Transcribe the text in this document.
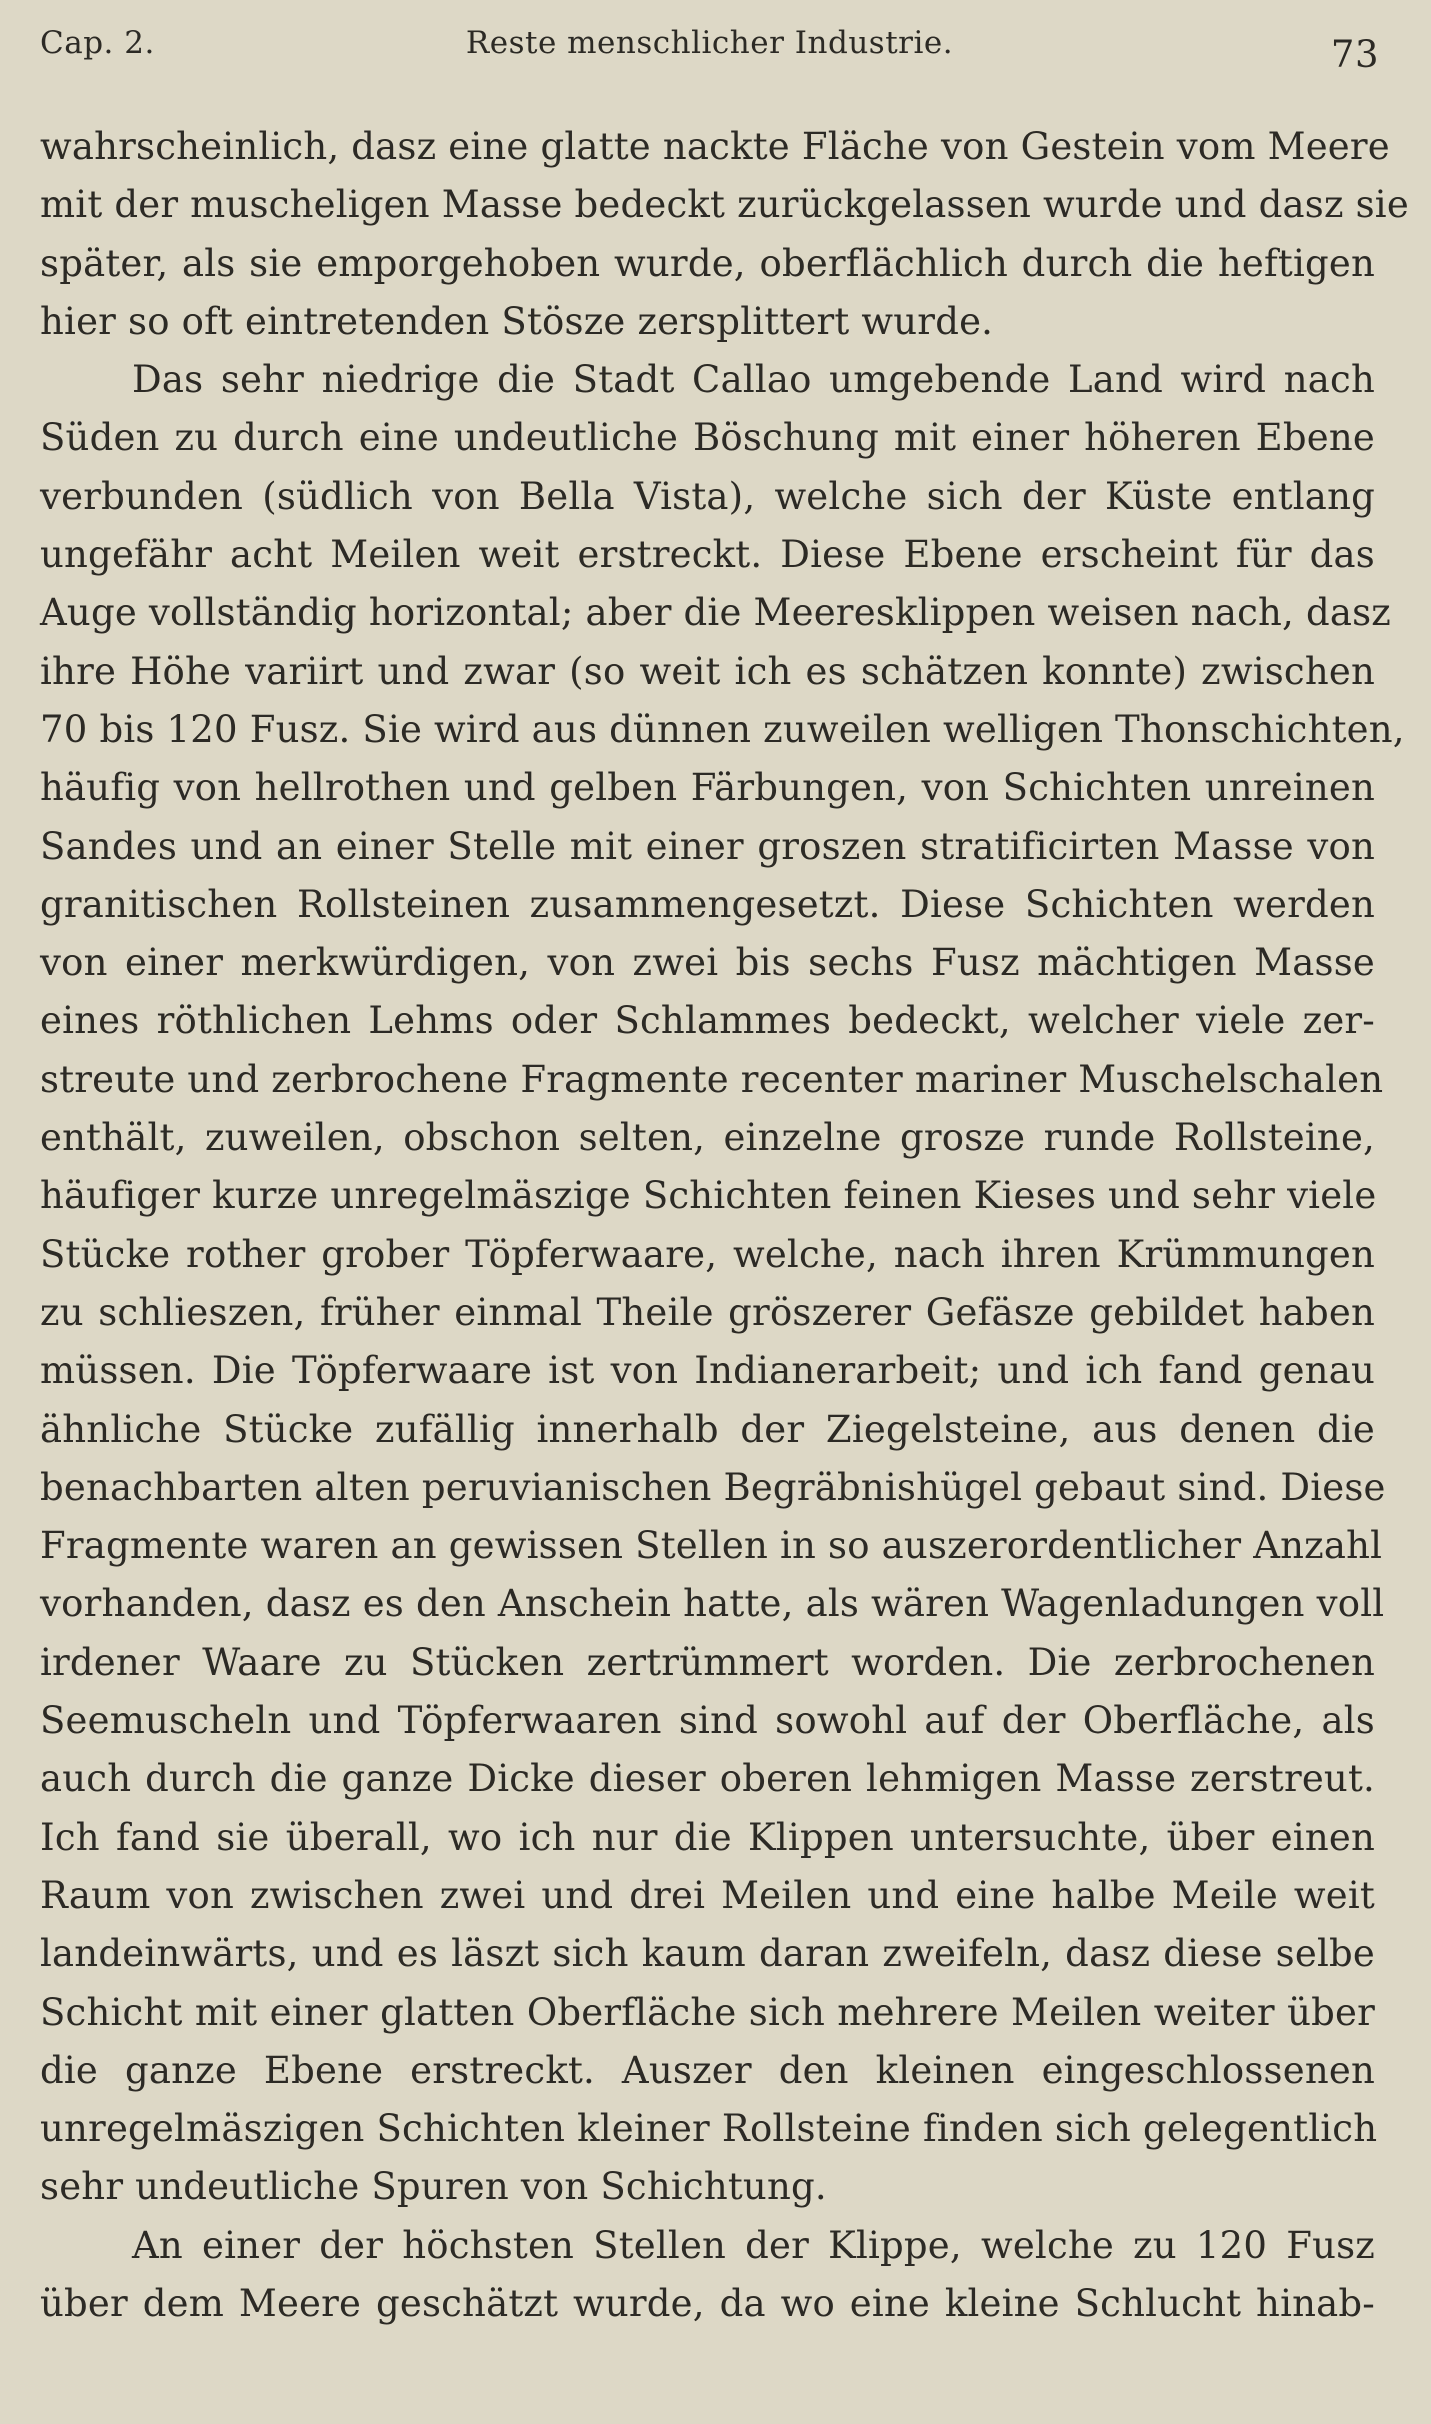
Cap. 2.	Reste menschlicher Industrie.	73
wahrscheinlich, dasz eine glatte nackte Fläche von Gestein vom Meere
mit der muscheligen Masse bedeckt zurückgelassen wurde und dasz sie
später, als sie emporgehoben wurde, oberflächlich durch die heftigen
hier so oft eintretenden Stösze zersplittert wurde.
Das sehr niedrige die Stadt Callao umgebende Land wird nach
Süden zu durch eine undeutliche Böschung mit einer höheren Ebene
verbunden (südlich von Bella Vista), welche sich der Küste entlang
ungefähr acht Meilen weit erstreckt. Diese Ebene erscheint für das
Auge vollständig horizontal; aber die Meeresklippen weisen nach, dasz
ihre Höhe variirt und zwar (so weit ich es schätzen konnte) zwischen
70 bis 120 Fusz. Sie wird aus dünnen zuweilen welligen Thonschichten,
häufig von hellrothen und gelben Färbungen, von Schichten unreinen
Sandes und an einer Stelle mit einer groszen stratificirten Masse von
granitischen Rollsteinen zusammengesetzt. Diese Schichten werden
von einer merkwürdigen, von zwei bis sechs Fusz mächtigen Masse
eines röthlichen Lehms oder Schlammes bedeckt, welcher viele zer-
streute und zerbrochene Fragmente recenter mariner Muschelschalen
enthält, zuweilen, obschon selten, einzelne grosze runde Rollsteine,
häufiger kurze unregelmäszige Schichten feinen Kieses und sehr viele
Stücke rother grober Töpferwaare, welche, nach ihren Krümmungen
zu schlieszen, früher einmal Theile gröszerer Gefäsze gebildet haben
müssen. Die Töpferwaare ist von Indianerarbeit; und ich fand genau
ähnliche Stücke zufällig innerhalb der Ziegelsteine, aus denen die
benachbarten alten peruvianischen Begräbnishügel gebaut sind. Diese
Fragmente waren an gewissen Stellen in so auszerordentlicher Anzahl
vorhanden, dasz es den Anschein hatte, als wären Wagenladungen voll
irdener Waare zu Stücken zertrümmert worden. Die zerbrochenen
Seemuscheln und Töpferwaaren sind sowohl auf der Oberfläche, als
auch durch die ganze Dicke dieser oberen lehmigen Masse zerstreut.
Ich fand sie überall, wo ich nur die Klippen untersuchte, über einen
Raum von zwischen zwei und drei Meilen und eine halbe Meile weit
landeinwärts, und es läszt sich kaum daran zweifeln, dasz diese selbe
Schicht mit einer glatten Oberfläche sich mehrere Meilen weiter über
die ganze Ebene erstreckt. Auszer den kleinen eingeschlossenen
unregelmäszigen Schichten kleiner Rollsteine finden sich gelegentlich
sehr undeutliche Spuren von Schichtung.
An einer der höchsten Stellen der Klippe, welche zu 120 Fusz
über dem Meere geschätzt wurde, da wo eine kleine Schlucht hinab-
